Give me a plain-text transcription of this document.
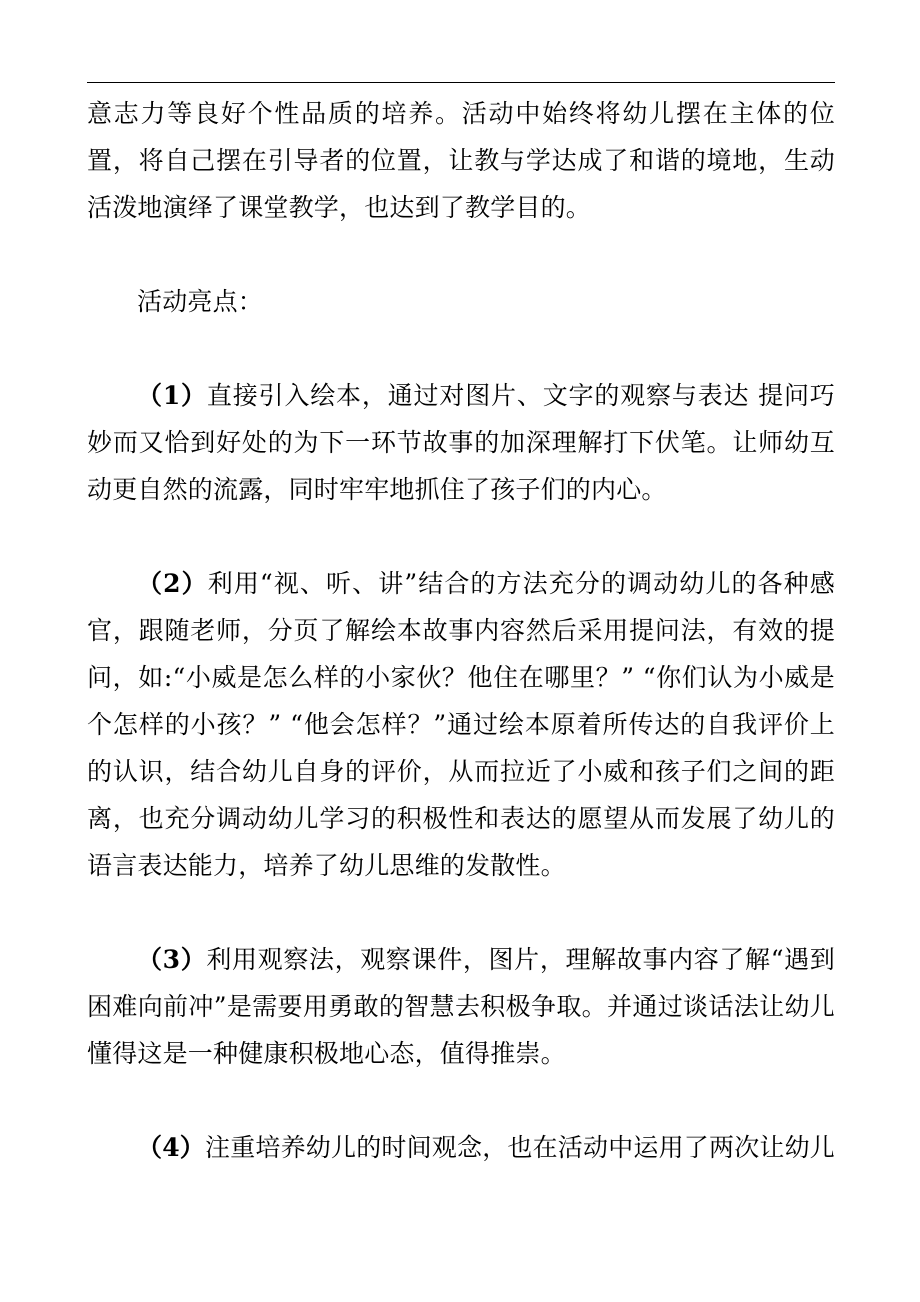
意志力等良好个性品质的培养。活动中始终将幼儿摆在主体的位置，将自己摆在引导者的位置，让教与学达成了和谐的境地，生动活泼地演绎了课堂教学，也达到了教学目的。

活动亮点：

（1）直接引入绘本，通过对图片、文字的观察与表达 提问巧妙而又恰到好处的为下一环节故事的加深理解打下伏笔。让师幼互动更自然的流露，同时牢牢地抓住了孩子们的内心。

（2）利用“视、听、讲”结合的方法充分的调动幼儿的各种感官，跟随老师，分页了解绘本故事内容然后采用提问法，有效的提问，如:“小威是怎么样的小家伙？他住在哪里？” “你们认为小威是个怎样的小孩？” “他会怎样？”通过绘本原着所传达的自我评价上的认识，结合幼儿自身的评价，从而拉近了小威和孩子们之间的距离，也充分调动幼儿学习的积极性和表达的愿望从而发展了幼儿的语言表达能力，培养了幼儿思维的发散性。

（3）利用观察法，观察课件，图片，理解故事内容了解“遇到困难向前冲”是需要用勇敢的智慧去积极争取。并通过谈话法让幼儿懂得这是一种健康积极地心态，值得推崇。

（4）注重培养幼儿的时间观念，也在活动中运用了两次让幼儿
